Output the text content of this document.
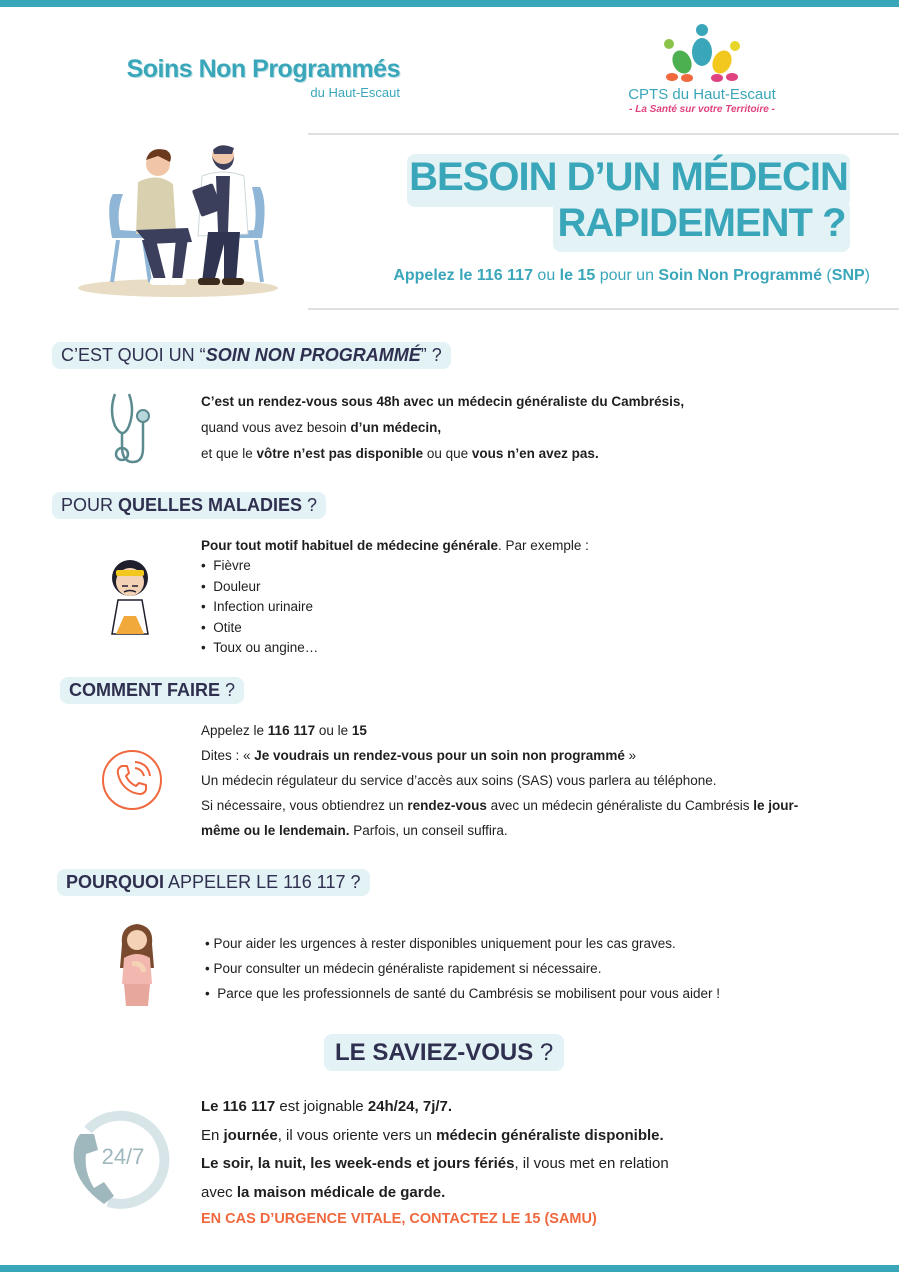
Soins Non Programmés
du Haut-Escaut	CPTS du Haut-Escaut
- La Santé sur votre Territoire -
BESOIN D’UN MÉDECIN
RAPIDEMENT ?
Appelez le 116 117 ou le 15 pour un Soin Non Programmé (SNP)
C’EST QUOI UN “SOIN NON PROGRAMMÉ” ?
C’est un rendez-vous sous 48h avec un médecin généraliste du Cambrésis,
quand vous avez besoin d’un médecin,
et que le vôtre n’est pas disponible ou que vous n’en avez pas.
POUR QUELLES MALADIES ?
Pour tout motif habituel de médecine générale. Par exemple :
•  Fièvre
•  Douleur
•  Infection urinaire
•  Otite
•  Toux ou angine…
COMMENT FAIRE ?
Appelez le 116 117 ou le 15
Dites : « Je voudrais un rendez-vous pour un soin non programmé »
Un médecin régulateur du service d’accès aux soins (SAS) vous parlera au téléphone.
Si nécessaire, vous obtiendrez un rendez-vous avec un médecin généraliste du Cambrésis le jour-
même ou le lendemain. Parfois, un conseil suffira.
POURQUOI APPELER LE 116 117 ?
• Pour aider les urgences à rester disponibles uniquement pour les cas graves.
• Pour consulter un médecin généraliste rapidement si nécessaire.
•  Parce que les professionnels de santé du Cambrésis se mobilisent pour vous aider !
LE SAVIEZ-VOUS ?
24/7
Le 116 117 est joignable 24h/24, 7j/7.
En journée, il vous oriente vers un médecin généraliste disponible.
Le soir, la nuit, les week-ends et jours fériés, il vous met en relation
avec la maison médicale de garde.
EN CAS D’URGENCE VITALE, CONTACTEZ LE 15 (SAMU)
